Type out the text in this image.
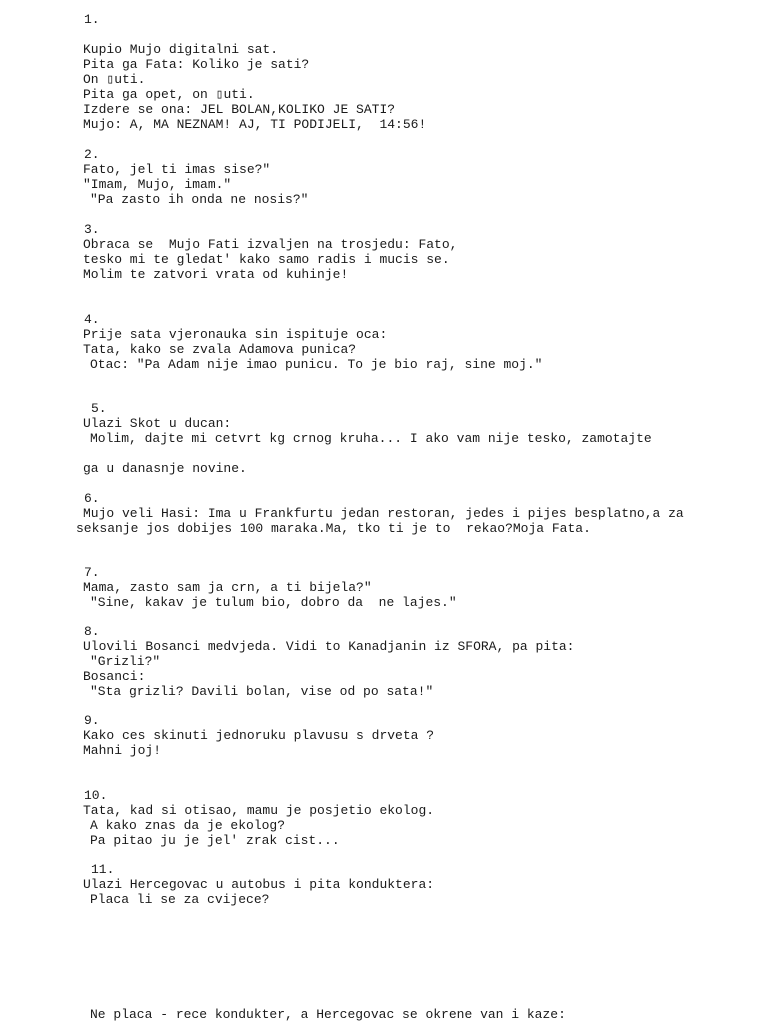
1.
Kupio Mujo digitalni sat.
Pita ga Fata: Koliko je sati?
On ▯uti.
Pita ga opet, on ▯uti.
Izdere se ona: JEL BOLAN,KOLIKO JE SATI?
Mujo: A, MA NEZNAM! AJ, TI PODIJELI,  14:56!
2.
Fato, jel ti imas sise?"
"Imam, Mujo, imam."
"Pa zasto ih onda ne nosis?"
3.
Obraca se  Mujo Fati izvaljen na trosjedu: Fato,
tesko mi te gledat' kako samo radis i mucis se.
Molim te zatvori vrata od kuhinje!
4.
Prije sata vjeronauka sin ispituje oca:
Tata, kako se zvala Adamova punica?
Otac: "Pa Adam nije imao punicu. To je bio raj, sine moj."
5.
Ulazi Skot u ducan:
Molim, dajte mi cetvrt kg crnog kruha... I ako vam nije tesko, zamotajte
ga u danasnje novine.
6.
Mujo veli Hasi: Ima u Frankfurtu jedan restoran, jedes i pijes besplatno,a za
seksanje jos dobijes 100 maraka.Ma, tko ti je to  rekao?Moja Fata.
7.
Mama, zasto sam ja crn, a ti bijela?"
"Sine, kakav je tulum bio, dobro da  ne lajes."
8.
Ulovili Bosanci medvjeda. Vidi to Kanadjanin iz SFORA, pa pita:
"Grizli?"
Bosanci:
"Sta grizli? Davili bolan, vise od po sata!"
9.
Kako ces skinuti jednoruku plavusu s drveta ?
Mahni joj!
10.
Tata, kad si otisao, mamu je posjetio ekolog.
A kako znas da je ekolog?
Pa pitao ju je jel' zrak cist...
11.
Ulazi Hercegovac u autobus i pita konduktera:
Placa li se za cvijece?
Ne placa - rece kondukter, a Hercegovac se okrene van i kaze:
